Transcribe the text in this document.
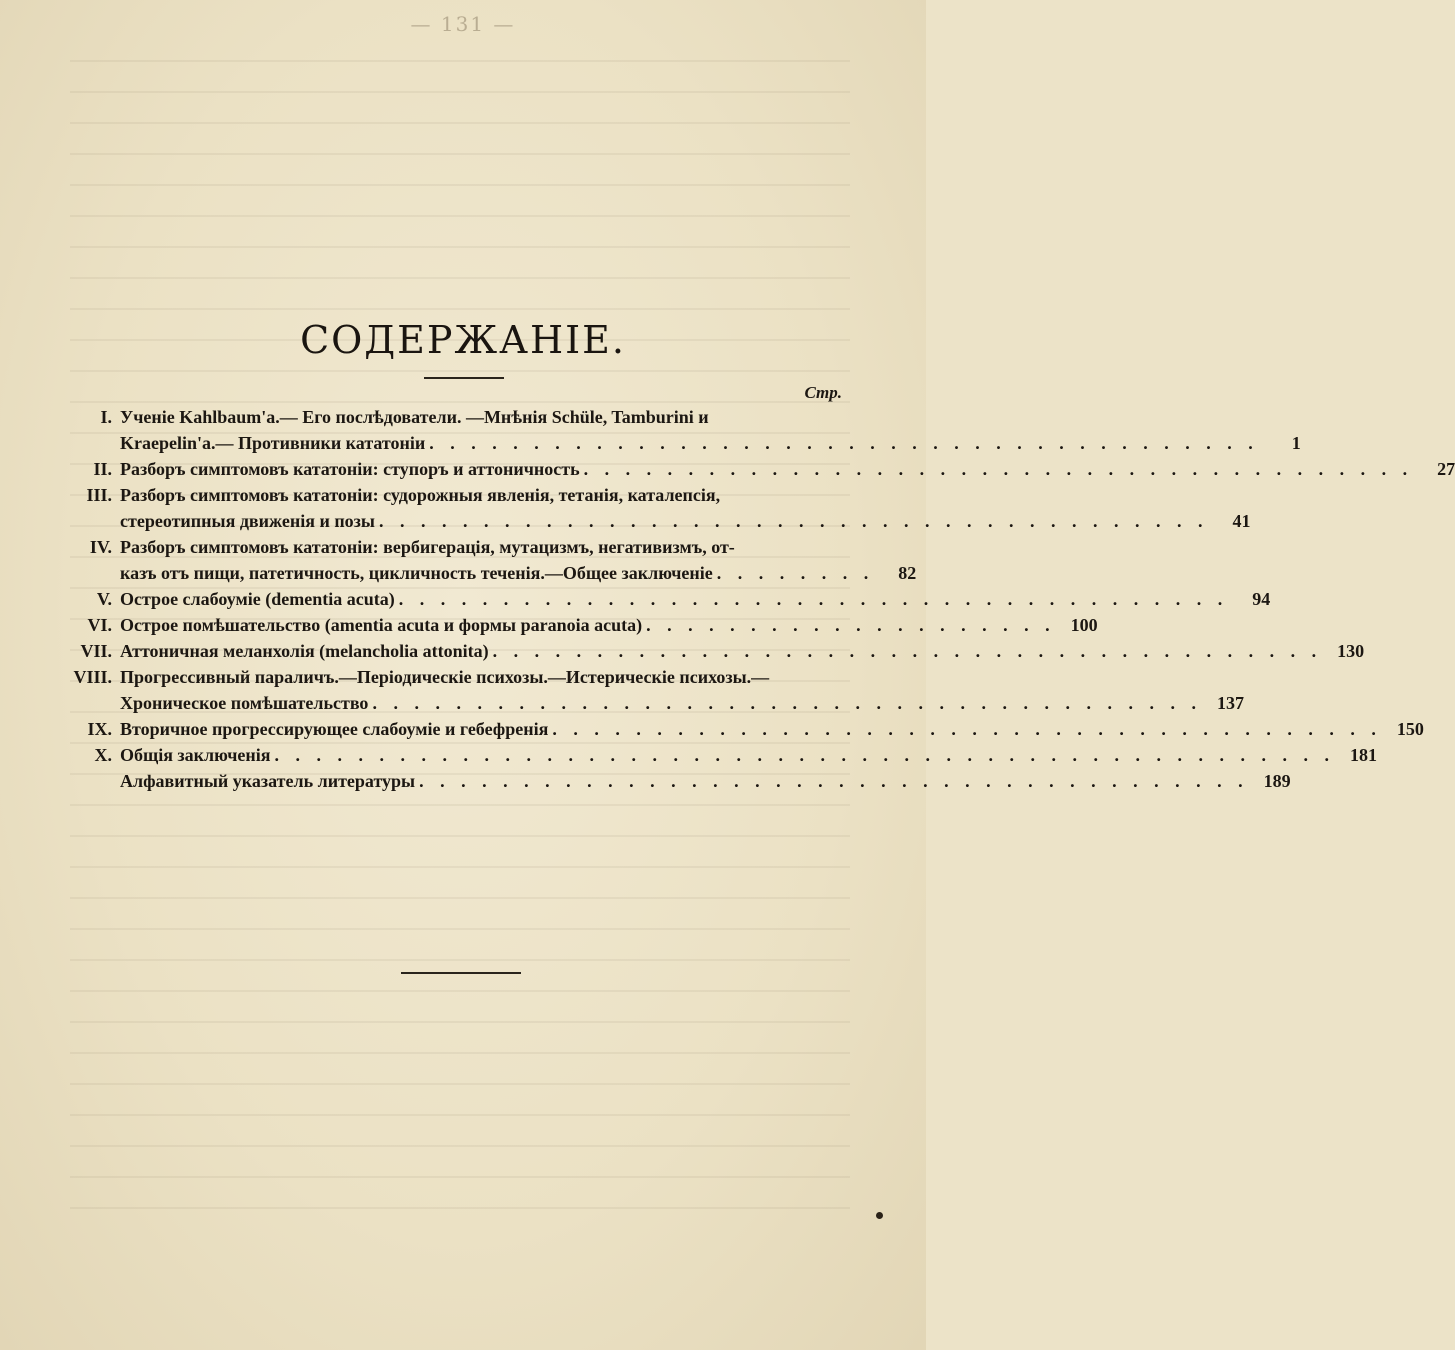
— 131 —
СОДЕРЖАНІЕ.
Стр.
I. Ученіе Kahlbaum'а.— Его послѣдователи. —Мнѣнія Schüle, Tamburini и
Kraepelin'а.— Противники кататоніи . . . . . . . . . . . . . . . . . . . . . . . . . . . . . . . . . . . . . . . .	1
II. Разборъ симптомовъ кататоніи: ступоръ и аттоничность . . . . . . . . . . . . . . . . . . . . . . . . . . . . . . . . . . . . . . . .	27
III. Разборъ симптомовъ кататоніи: судорожныя явленія, тетанія, каталепсія,
стереотипныя движенія и позы . . . . . . . . . . . . . . . . . . . . . . . . . . . . . . . . . . . . . . . .	41
IV. Разборъ симптомовъ кататоніи: вербигерація, мутацизмъ, негативизмъ, от-
казъ отъ пищи, патетичность, цикличность теченія.—Общее заключеніе . . . . . . . .	82
V. Острое слабоуміе (dementia acuta) . . . . . . . . . . . . . . . . . . . . . . . . . . . . . . . . . . . . . . . .	94
VI. Острое помѣшательство (amentia acuta и формы paranoia acuta) . . . . . . . . . . . . . . . . . . . . 100
VII. Аттоничная меланхолія (melancholia attonita) . . . . . . . . . . . . . . . . . . . . . . . . . . . . . . . . . . . . . . . . 130
VIII. Прогрессивный параличъ.—Періодическіе психозы.—Истерическіе психозы.—
Хроническое помѣшательство . . . . . . . . . . . . . . . . . . . . . . . . . . . . . . . . . . . . . . . . 137
IX. Вторичное прогрессирующее слабоуміе и гебефренія . . . . . . . . . . . . . . . . . . . . . . . . . . . . . . . . . . . . . . . . 150
X. Общія заключенія . . . . . . . . . . . . . . . . . . . . . . . . . . . . . . . . . . . . . . . . . . . . . . . . . . . 181
Алфавитный указатель литературы . . . . . . . . . . . . . . . . . . . . . . . . . . . . . . . . . . . . . . . . 189
